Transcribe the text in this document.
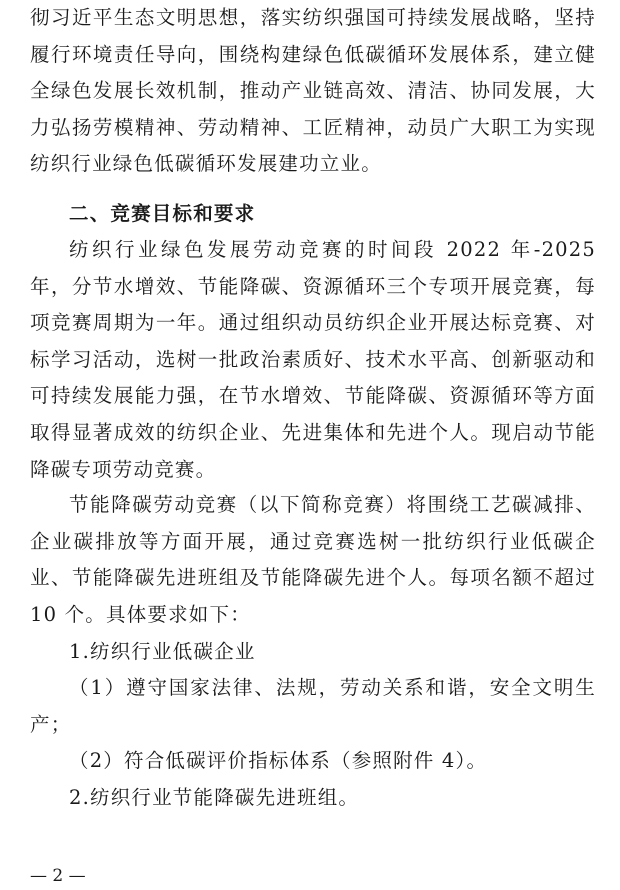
彻习近平生态文明思想，落实纺织强国可持续发展战略，坚持履行环境责任导向，围绕构建绿色低碳循环发展体系，建立健全绿色发展长效机制，推动产业链高效、清洁、协同发展，大力弘扬劳模精神、劳动精神、工匠精神，动员广大职工为实现纺织行业绿色低碳循环发展建功立业。

二、竞赛目标和要求

纺织行业绿色发展劳动竞赛的时间段 2022 年-2025 年，分节水增效、节能降碳、资源循环三个专项开展竞赛，每项竞赛周期为一年。通过组织动员纺织企业开展达标竞赛、对标学习活动，选树一批政治素质好、技术水平高、创新驱动和可持续发展能力强，在节水增效、节能降碳、资源循环等方面取得显著成效的纺织企业、先进集体和先进个人。现启动节能降碳专项劳动竞赛。

节能降碳劳动竞赛（以下简称竞赛）将围绕工艺碳减排、企业碳排放等方面开展，通过竞赛选树一批纺织行业低碳企业、节能降碳先进班组及节能降碳先进个人。每项名额不超过 10 个。具体要求如下：

1.纺织行业低碳企业

（1）遵守国家法律、法规，劳动关系和谐，安全文明生产；

（2）符合低碳评价指标体系（参照附件 4）。

2.纺织行业节能降碳先进班组。

— 2 —
